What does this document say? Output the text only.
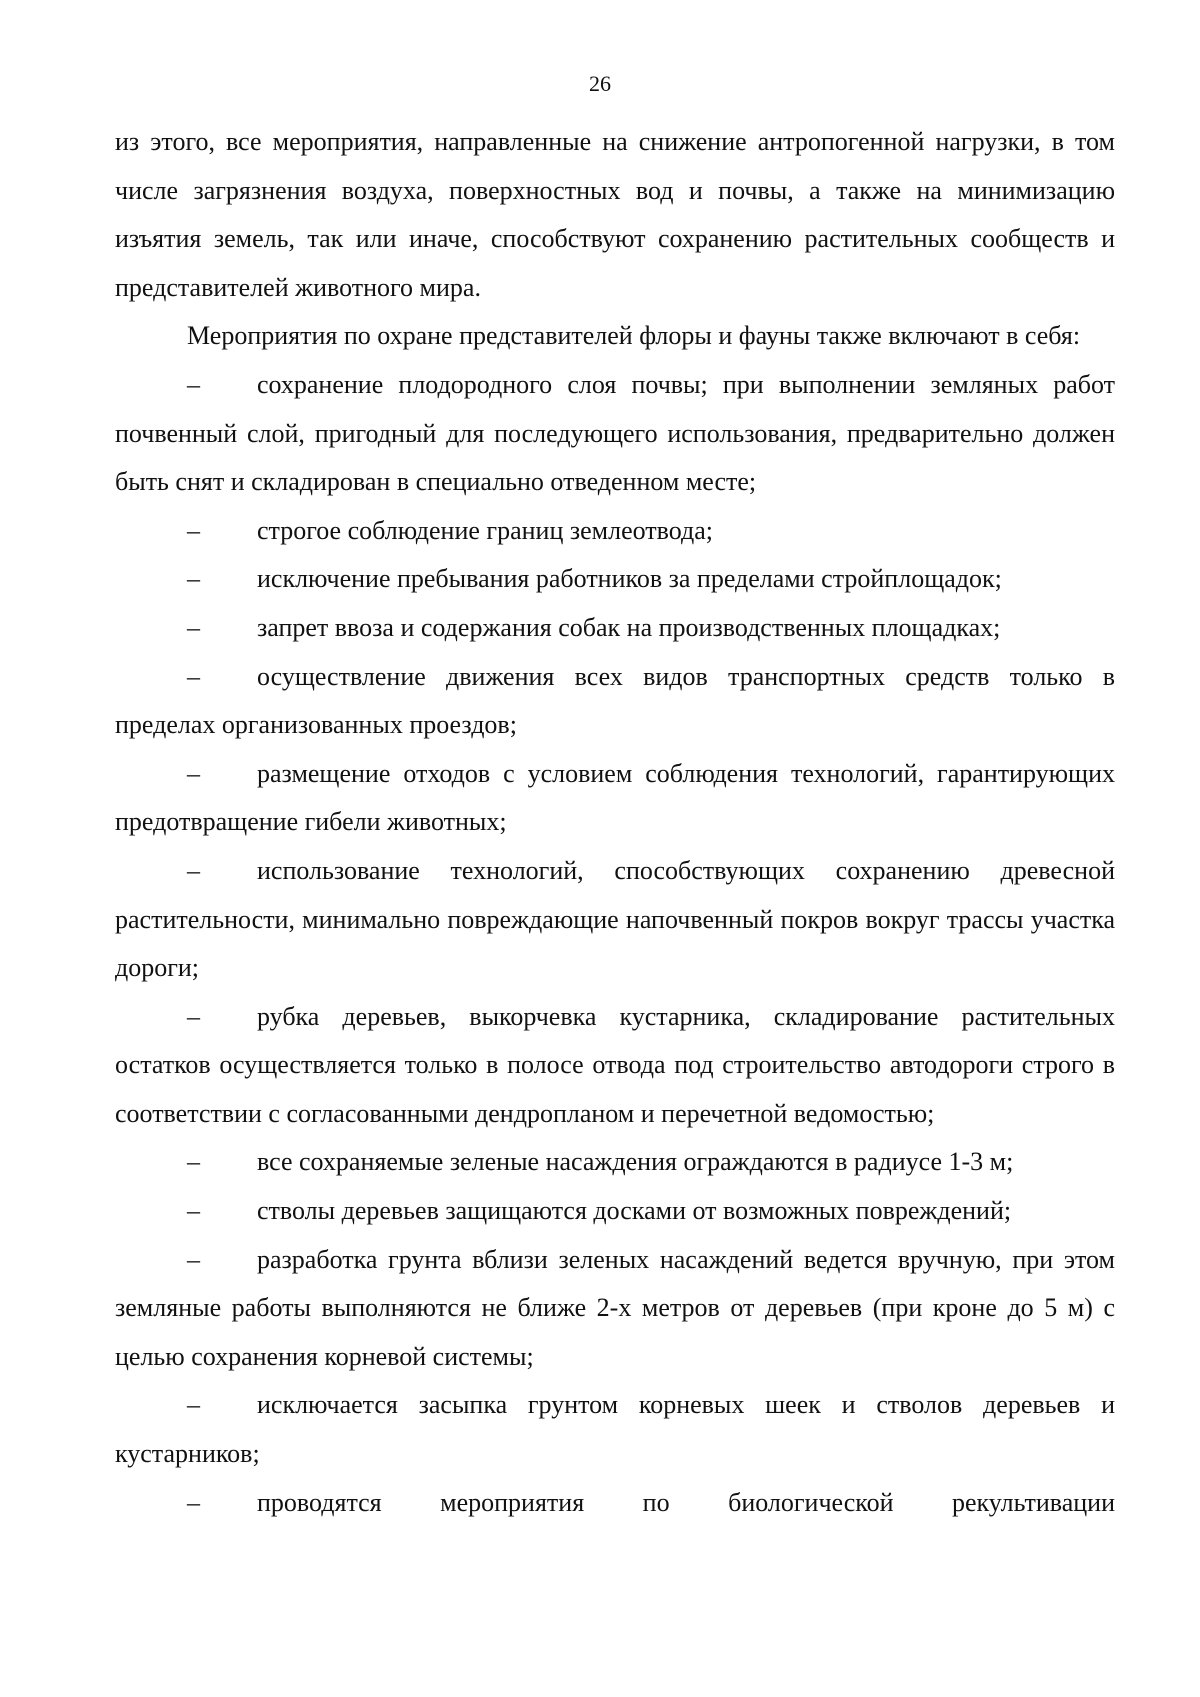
26

из этого, все мероприятия, направленные на снижение антропогенной нагрузки, в том числе загрязнения воздуха, поверхностных вод и почвы, а также на минимизацию изъятия земель, так или иначе, способствуют сохранению растительных сообществ и представителей животного мира.

Мероприятия по охране представителей флоры и фауны также включают в себя:

– сохранение плодородного слоя почвы; при выполнении земляных работ почвенный слой, пригодный для последующего использования, предварительно должен быть снят и складирован в специально отведенном месте;

– строгое соблюдение границ землеотвода;

– исключение пребывания работников за пределами стройплощадок;

– запрет ввоза и содержания собак на производственных площадках;

– осуществление движения всех видов транспортных средств только в пределах организованных проездов;

– размещение отходов с условием соблюдения технологий, гарантирующих предотвращение гибели животных;

– использование технологий, способствующих сохранению древесной растительности, минимально повреждающие напочвенный покров вокруг трассы участка дороги;

– рубка деревьев, выкорчевка кустарника, складирование растительных остатков осуществляется только в полосе отвода под строительство автодороги строго в соответствии с согласованными дендропланом и перечетной ведомостью;

– все сохраняемые зеленые насаждения ограждаются в радиусе 1-3 м;

– стволы деревьев защищаются досками от возможных повреждений;

– разработка грунта вблизи зеленых насаждений ведется вручную, при этом земляные работы выполняются не ближе 2-х метров от деревьев (при кроне до 5 м) с целью сохранения корневой системы;

– исключается засыпка грунтом корневых шеек и стволов деревьев и кустарников;

– проводятся мероприятия по биологической рекультивации
